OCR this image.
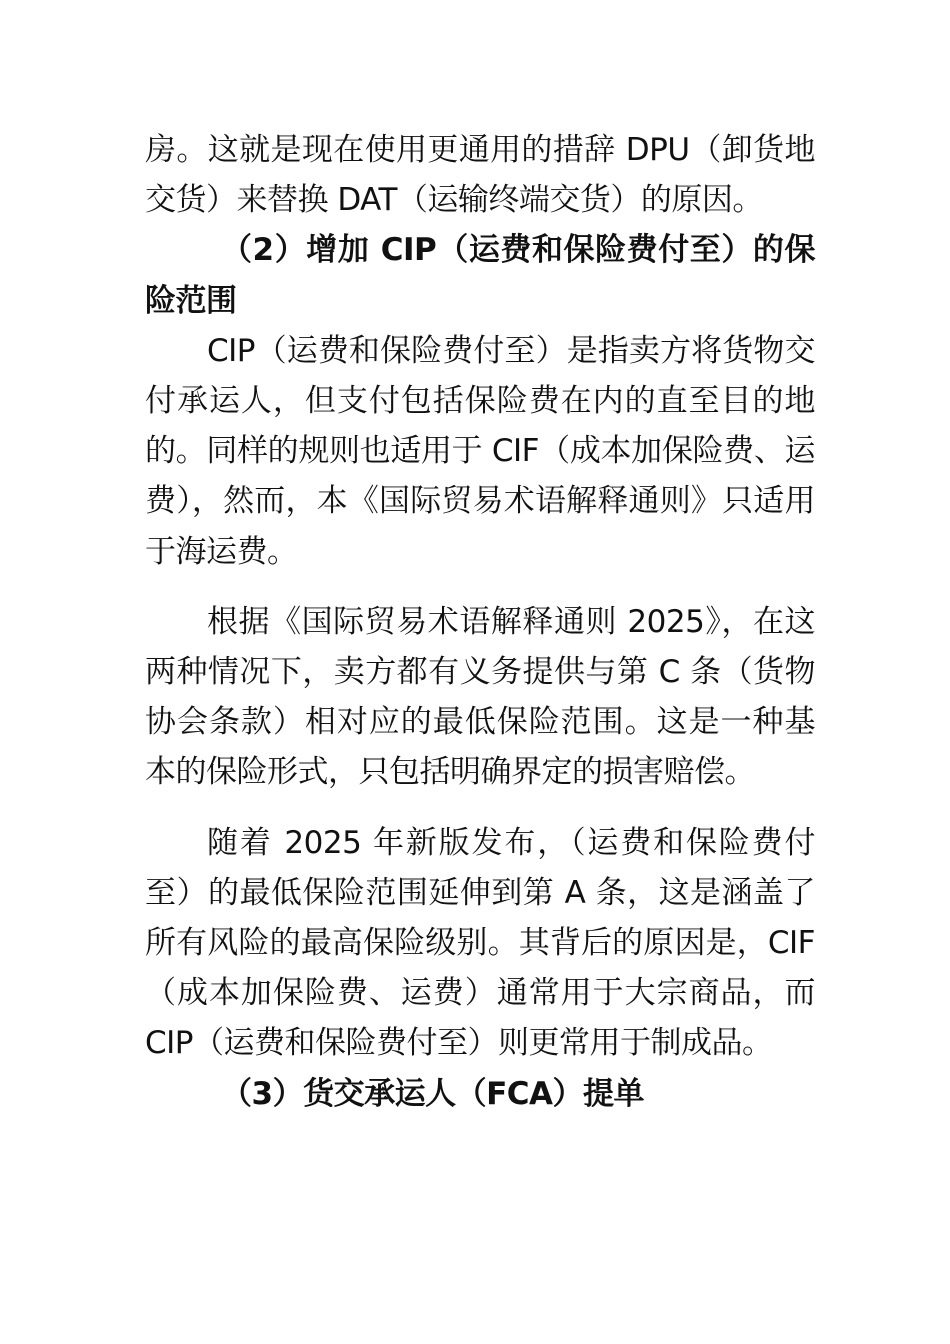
房。这就是现在使用更通用的措辞 DPU（卸货地交货）来替换 DAT（运输终端交货）的原因。

（2）增加 CIP（运费和保险费付至）的保险范围

CIP（运费和保险费付至）是指卖方将货物交付承运人，但支付包括保险费在内的直至目的地的。同样的规则也适用于 CIF（成本加保险费、运费），然而，本《国际贸易术语解释通则》只适用于海运费。

根据《国际贸易术语解释通则 2025》，在这两种情况下，卖方都有义务提供与第 C 条（货物协会条款）相对应的最低保险范围。这是一种基本的保险形式，只包括明确界定的损害赔偿。

随着 2025 年新版发布，（运费和保险费付至）的最低保险范围延伸到第 A 条，这是涵盖了所有风险的最高保险级别。其背后的原因是，CIF（成本加保险费、运费）通常用于大宗商品，而 CIP（运费和保险费付至）则更常用于制成品。

（3）货交承运人（FCA）提单
